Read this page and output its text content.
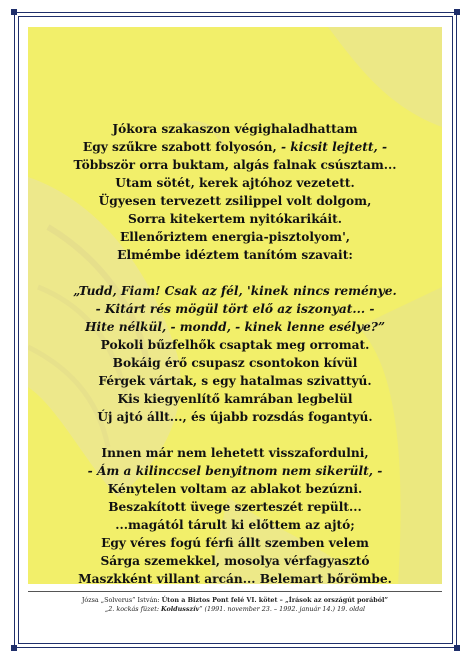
Jókora szakaszon végighaladhattam
Egy szűkre szabott folyosón, - kicsit lejtett, -
Többször orra buktam, algás falnak csúsztam...
Utam sötét, kerek ajtóhoz vezetett.
Ügyesen tervezett zsilippel volt dolgom,
Sorra kitekertem nyitókarikáit.
Ellenőriztem energia-pisztolyom',
Elmémbe idéztem tanítóm szavait:
„Tudd, Fiam! Csak az fél, 'kinek nincs reménye.
- Kitárt rés mögül tört elő az iszonyat... -
Hite nélkül, - mondd, - kinek lenne esélye?”
Pokoli bűzfelhők csaptak meg orromat.
Bokáig érő csupasz csontokon kívül
Férgek vártak, s egy hatalmas szivattyú.
Kis kiegyenlítő kamrában legbelül
Új ajtó állt..., és újabb rozsdás fogantyú.
Innen már nem lehetett visszafordulni,
- Ám a kilinccsel benyitnom nem sikerült, -
Kénytelen voltam az ablakot bezúzni.
Beszakított üvege szerteszét repült...
...magától tárult ki előttem az ajtó;
Egy véres fogú férfi állt szemben velem
Sárga szemekkel, mosolya vérfagyasztó
Maszkként villant arcán... Belemart bőrömbe.
Józsa „Solverus” István: Úton a Biztos Pont felé VI. kötet – „Írások az országút porából”
„2. kockás füzet: Koldusszív” (1991. november 23. – 1992. január 14.) 19. oldal
